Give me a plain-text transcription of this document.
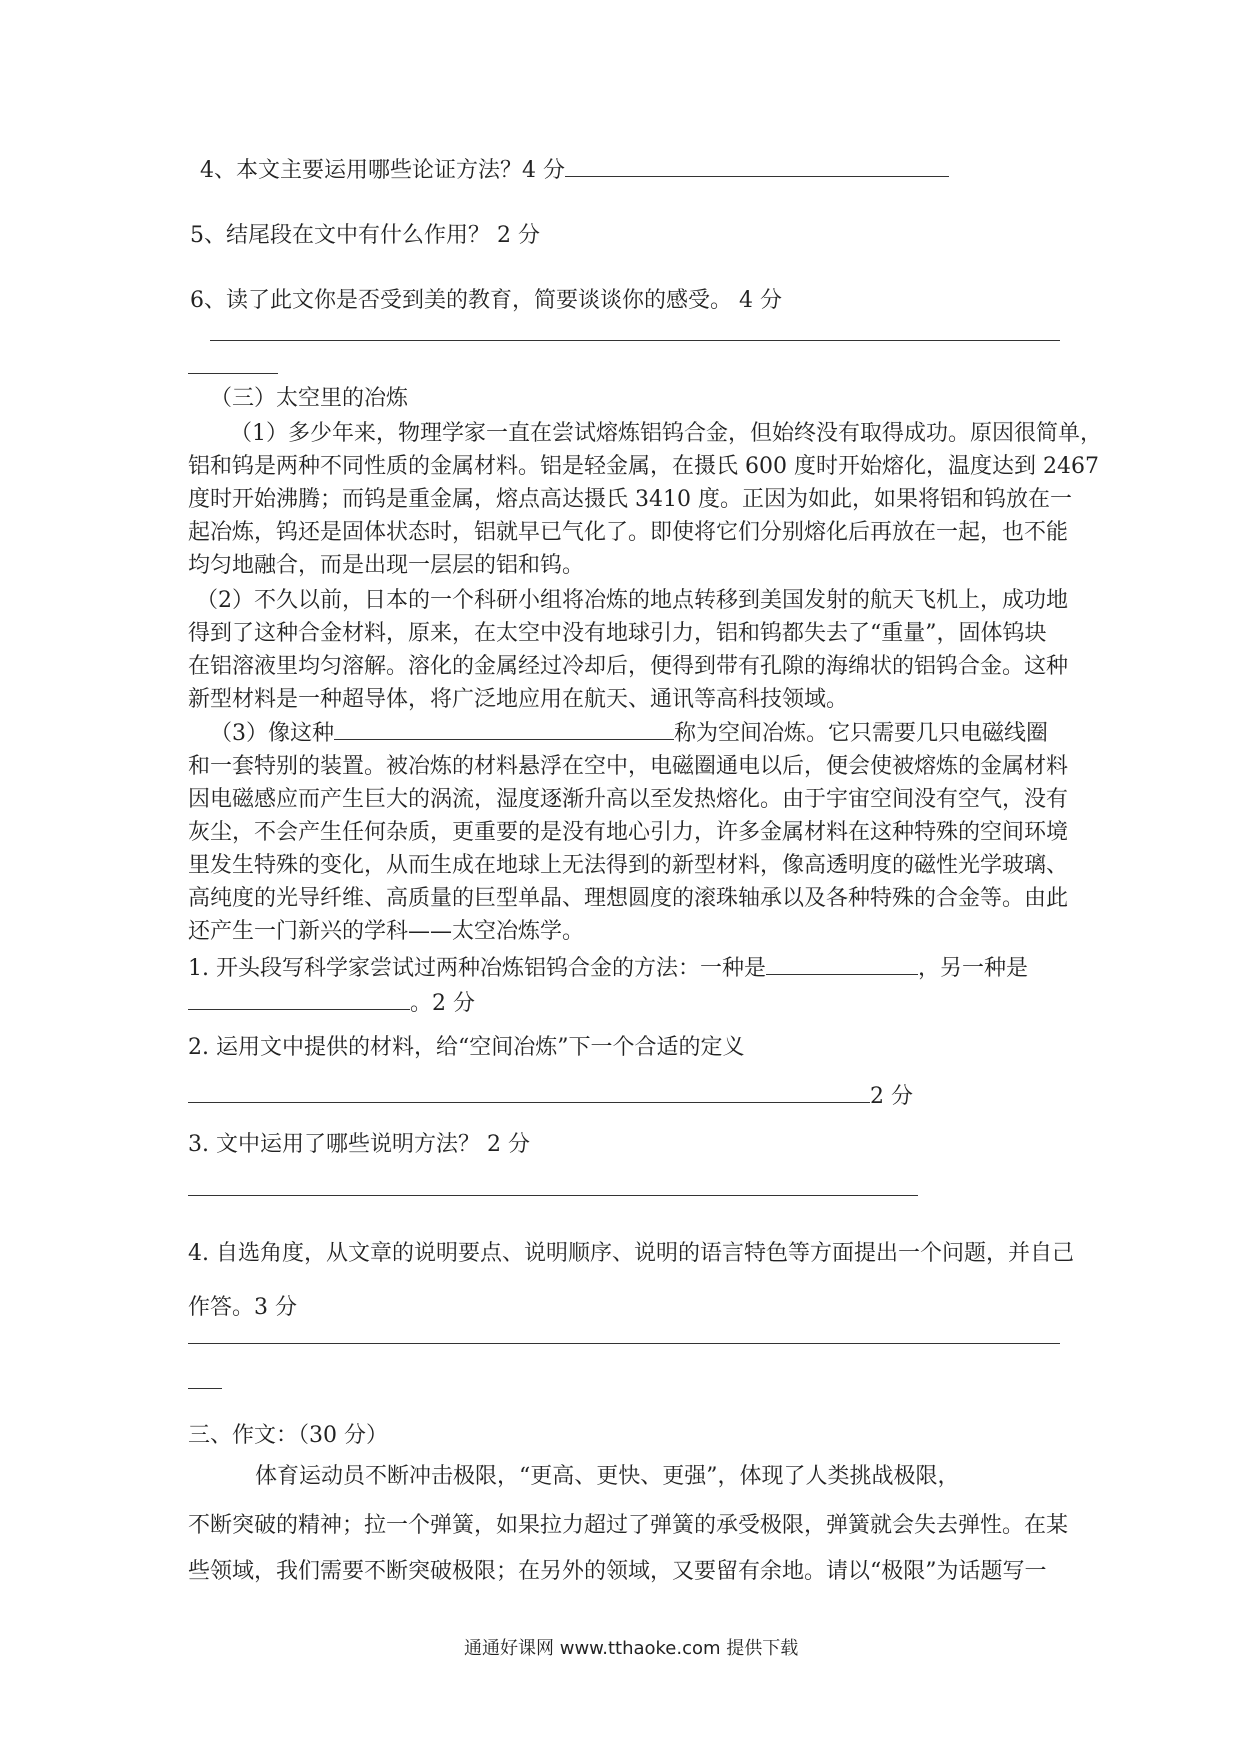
4、本文主要运用哪些论证方法？4 分
5、结尾段在文中有什么作用？ 2 分
6、读了此文你是否受到美的教育，简要谈谈你的感受。 4 分
（三）太空里的冶炼
（1）多少年来，物理学家一直在尝试熔炼铝钨合金，但始终没有取得成功。原因很简单，
铝和钨是两种不同性质的金属材料。铝是轻金属，在摄氏 600 度时开始熔化，温度达到 2467
度时开始沸腾；而钨是重金属，熔点高达摄氏 3410 度。正因为如此，如果将铝和钨放在一
起冶炼，钨还是固体状态时，铝就早已气化了。即使将它们分别熔化后再放在一起，也不能
均匀地融合，而是出现一层层的铝和钨。
（2）不久以前，日本的一个科研小组将冶炼的地点转移到美国发射的航天飞机上，成功地
得到了这种合金材料，原来，在太空中没有地球引力，铝和钨都失去了“重量”，固体钨块
在铝溶液里均匀溶解。溶化的金属经过冷却后，便得到带有孔隙的海绵状的铝钨合金。这种
新型材料是一种超导体，将广泛地应用在航天、通讯等高科技领域。
（3）像这种	称为空间冶炼。它只需要几只电磁线圈
和一套特别的装置。被冶炼的材料悬浮在空中，电磁圈通电以后，便会使被熔炼的金属材料
因电磁感应而产生巨大的涡流，湿度逐渐升高以至发热熔化。由于宇宙空间没有空气，没有
灰尘，不会产生任何杂质，更重要的是没有地心引力，许多金属材料在这种特殊的空间环境
里发生特殊的变化，从而生成在地球上无法得到的新型材料，像高透明度的磁性光学玻璃、
高纯度的光导纤维、高质量的巨型单晶、理想圆度的滚珠轴承以及各种特殊的合金等。由此
还产生一门新兴的学科——太空冶炼学。
1. 开头段写科学家尝试过两种冶炼铝钨合金的方法：一种是	，另一种是
。2 分
2. 运用文中提供的材料，给“空间冶炼”下一个合适的定义
2 分
3. 文中运用了哪些说明方法？ 2 分
4. 自选角度，从文章的说明要点、说明顺序、说明的语言特色等方面提出一个问题，并自己
作答。3 分
三、作文：（30 分）
体育运动员不断冲击极限，“更高、更快、更强”，体现了人类挑战极限，
不断突破的精神；拉一个弹簧，如果拉力超过了弹簧的承受极限，弹簧就会失去弹性。在某
些领域，我们需要不断突破极限；在另外的领域，又要留有余地。请以“极限”为话题写一
通通好课网 www.tthaoke.com 提供下载
